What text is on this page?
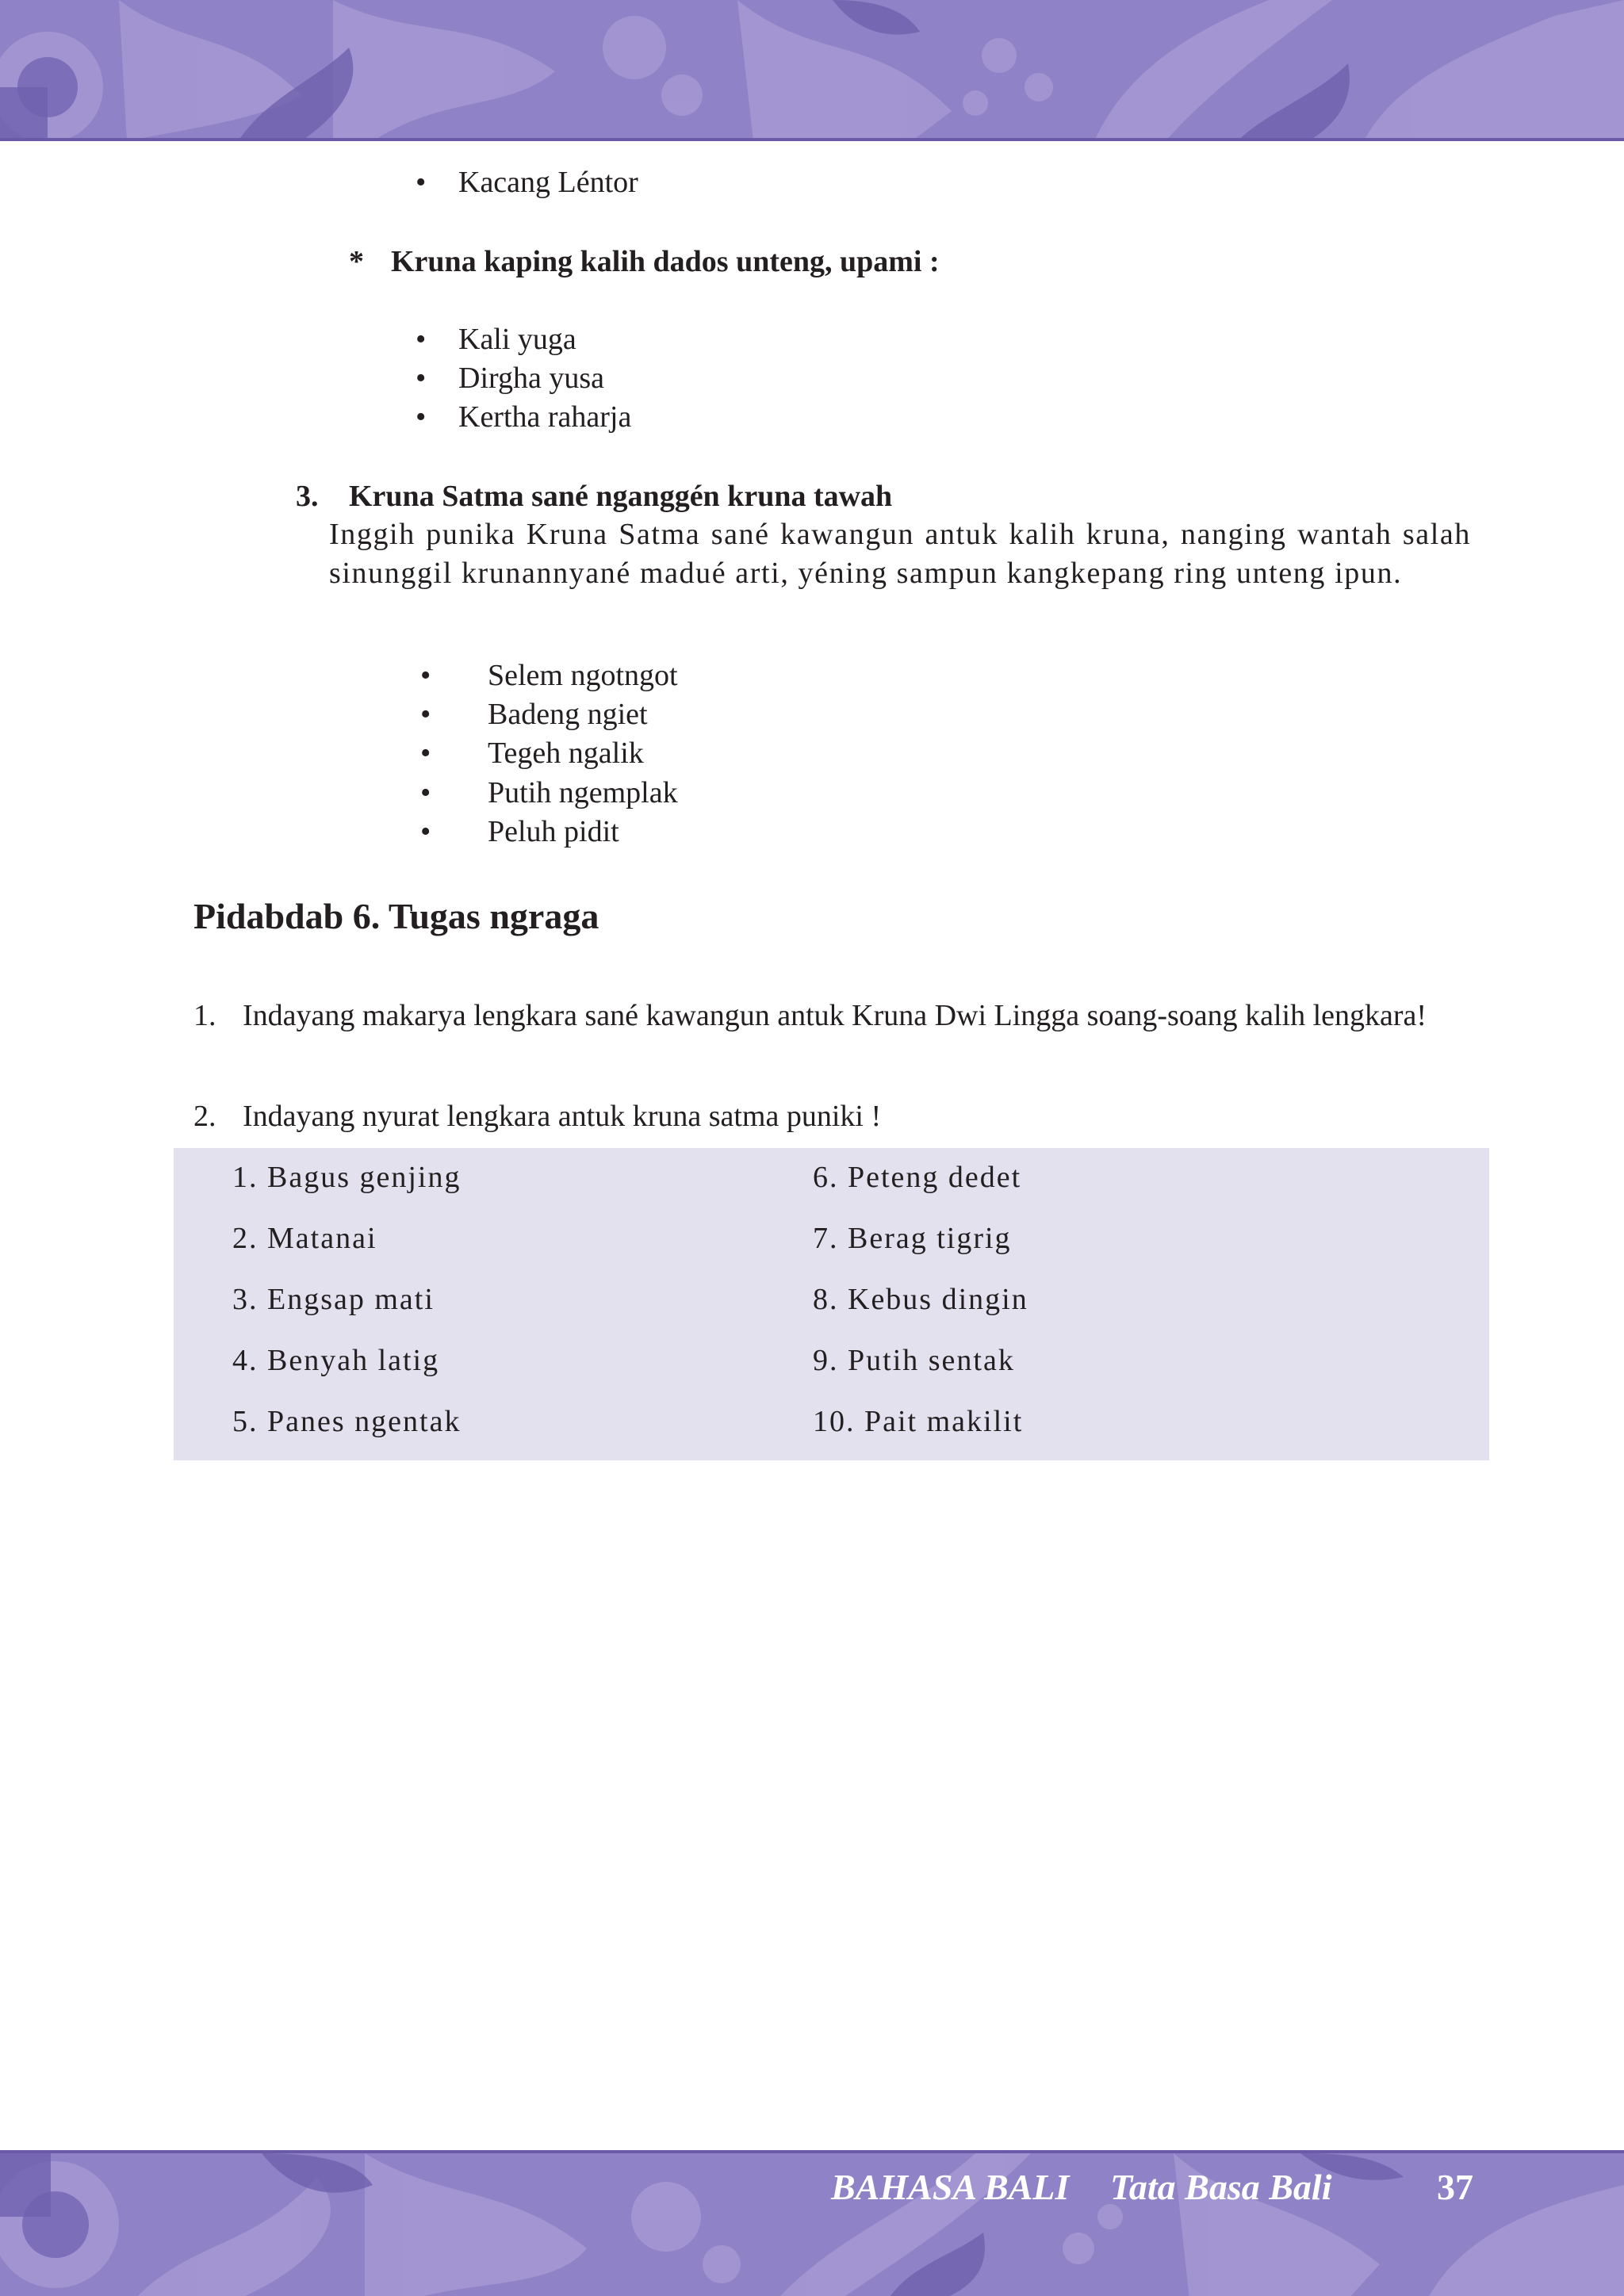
• Kacang Léntor
* Kruna kaping kalih dados unteng, upami :
• Kali yuga
• Dirgha yusa
• Kertha raharja
3. Kruna Satma sané nganggén kruna tawah

Inggih punika Kruna Satma sané kawangun antuk kalih kruna, nanging wantah salah sinunggil krunannyané madué arti, yéning sampun kangkepang ring unteng ipun.

• Selem ngotngot
• Badeng ngiet
• Tegeh ngalik
• Putih ngemplak
• Peluh pidit
Pidabdab 6. Tugas ngraga
1. Indayang makarya lengkara sané kawangun antuk Kruna Dwi Lingga soang-soang kalih lengkara!
2. Indayang nyurat lengkara antuk kruna satma puniki !
1. Bagus genjing
2. Matanai
3. Engsap mati
4. Benyah latig
5. Panes ngentak
6. Peteng dedet
7. Berag tigrig
8. Kebus dingin
9. Putih sentak
10. Pait makilit
BAHASA BALI Tata Basa Bali	37
